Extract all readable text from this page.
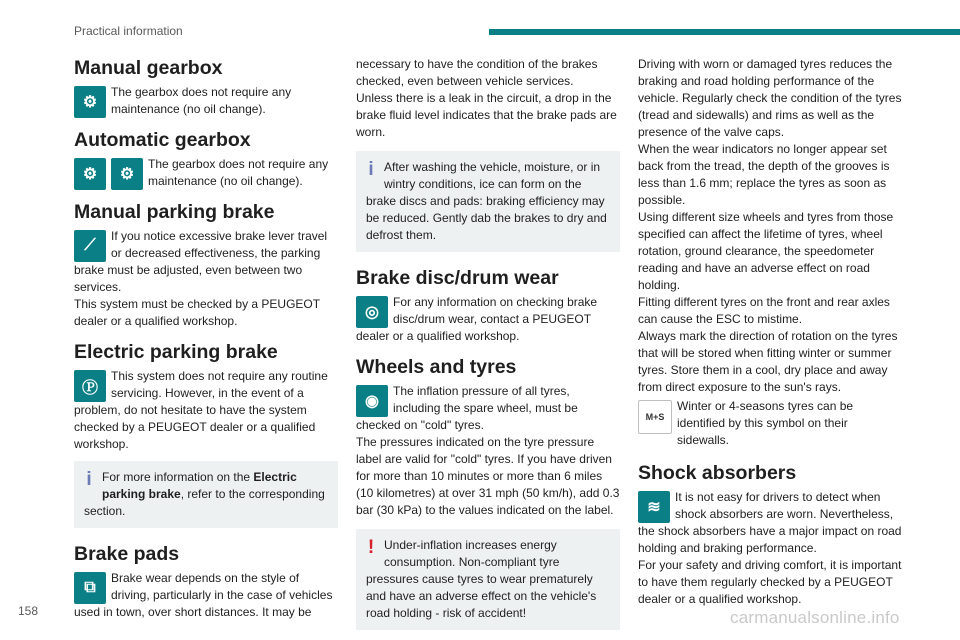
Practical information
Manual gearbox
⚙

The gearbox does not require any maintenance (no oil change).

Automatic gearbox
⚙	⚙

The gearbox does not require any maintenance (no oil change).

Manual parking brake
⟋

If you notice excessive brake lever travel or decreased effectiveness, the parking brake must be adjusted, even between two services.

This system must be checked by a PEUGEOT dealer or a qualified workshop.

Electric parking brake
Ⓟ

This system does not require any routine servicing. However, in the event of a problem, do not hesitate to have the system checked by a PEUGEOT dealer or a qualified workshop.

i For more information on the Electric parking brake, refer to the corresponding section.

Brake pads
⧉

Brake wear depends on the style of driving, particularly in the case of vehicles used in town, over short distances. It may be

necessary to have the condition of the brakes checked, even between vehicle services.

Unless there is a leak in the circuit, a drop in the brake fluid level indicates that the brake pads are worn.

i After washing the vehicle, moisture, or in wintry conditions, ice can form on the brake discs and pads: braking efficiency may be reduced. Gently dab the brakes to dry and defrost them.

Brake disc/drum wear
◎

For any information on checking brake disc/drum wear, contact a PEUGEOT dealer or a qualified workshop.

Wheels and tyres
◉

The inflation pressure of all tyres, including the spare wheel, must be checked on "cold" tyres.

The pressures indicated on the tyre pressure label are valid for "cold" tyres. If you have driven for more than 10 minutes or more than 6 miles (10 kilometres) at over 31 mph (50 km/h), add 0.3 bar (30 kPa) to the values indicated on the label.

! Under-inflation increases energy consumption. Non-compliant tyre pressures cause tyres to wear prematurely and have an adverse effect on the vehicle's road holding - risk of accident!

Driving with worn or damaged tyres reduces the braking and road holding performance of the vehicle. Regularly check the condition of the tyres (tread and sidewalls) and rims as well as the presence of the valve caps.

When the wear indicators no longer appear set back from the tread, the depth of the grooves is less than 1.6 mm; replace the tyres as soon as possible.

Using different size wheels and tyres from those specified can affect the lifetime of tyres, wheel rotation, ground clearance, the speedometer reading and have an adverse effect on road holding.

Fitting different tyres on the front and rear axles can cause the ESC to mistime.

Always mark the direction of rotation on the tyres that will be stored when fitting winter or summer tyres. Store them in a cool, dry place and away from direct exposure to the sun's rays.

M+S

Winter or 4-seasons tyres can be identified by this symbol on their sidewalls.

Shock absorbers
≋

It is not easy for drivers to detect when shock absorbers are worn. Nevertheless, the shock absorbers have a major impact on road holding and braking performance.

For your safety and driving comfort, it is important to have them regularly checked by a PEUGEOT dealer or a qualified workshop.

158	carmanualsonline.info
